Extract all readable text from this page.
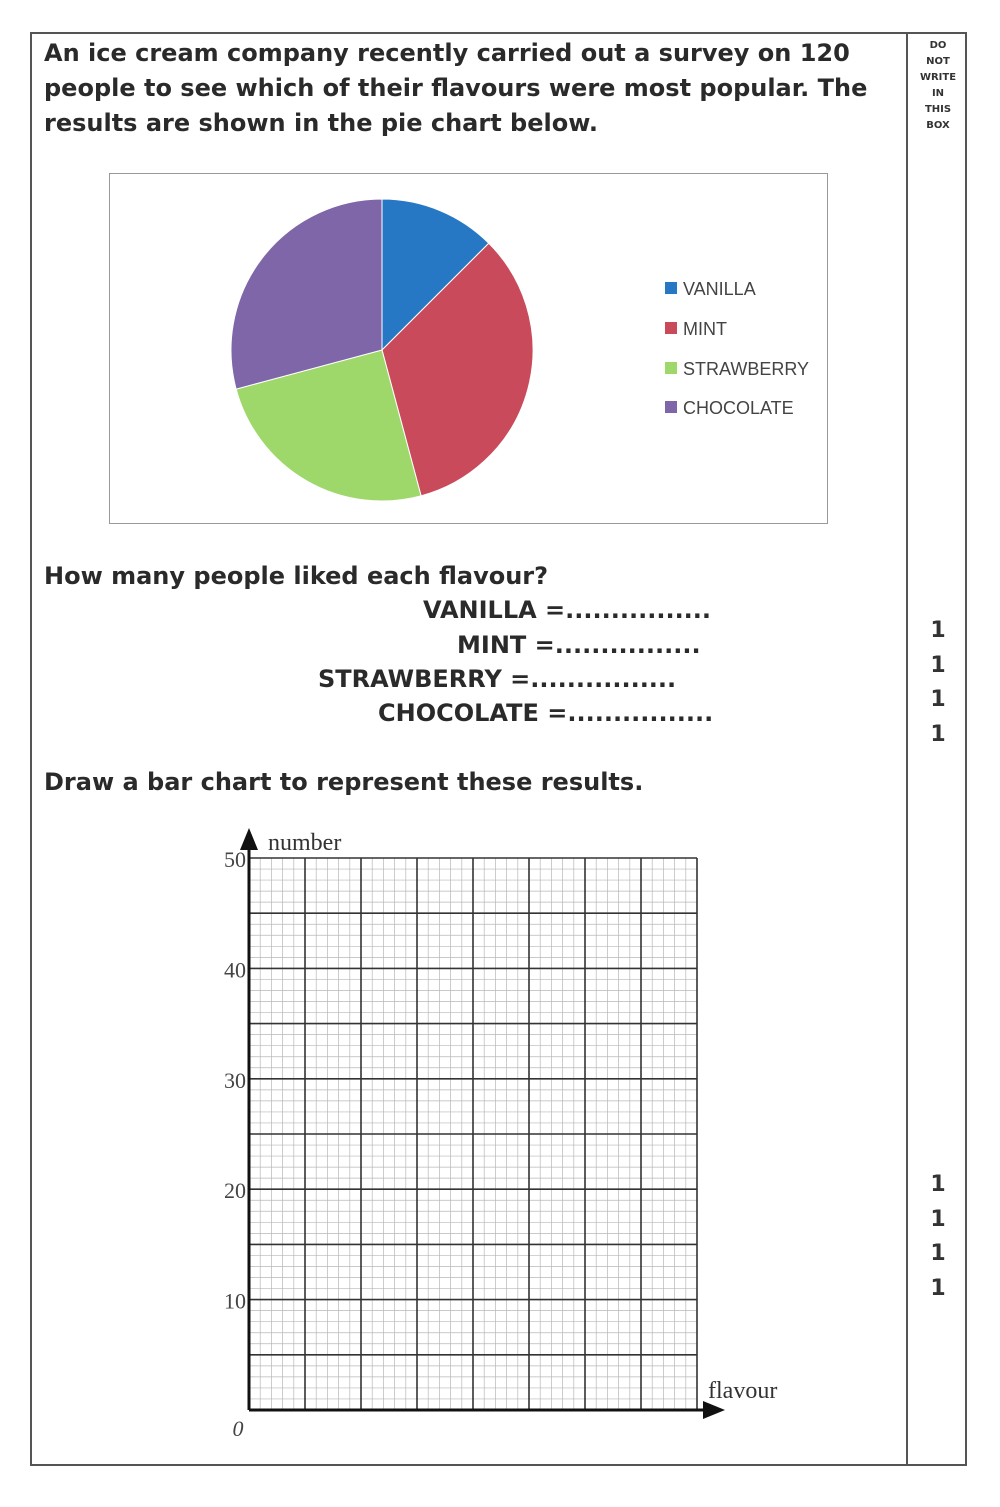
DO
NOT
WRITE
IN
THIS
BOX
An ice cream company recently carried out a survey on 120 people to see which of their flavours were most popular. The results are shown in the pie chart below.
VANILLA
MINT
STRAWBERRY
CHOCOLATE
How many people liked each flavour?
VANILLA =................
MINT =................
STRAWBERRY =................
CHOCOLATE =................
1
1
1
1
Draw a bar chart to represent these results.
10
20
30
40
50
0
number
flavour
1
1
1
1
